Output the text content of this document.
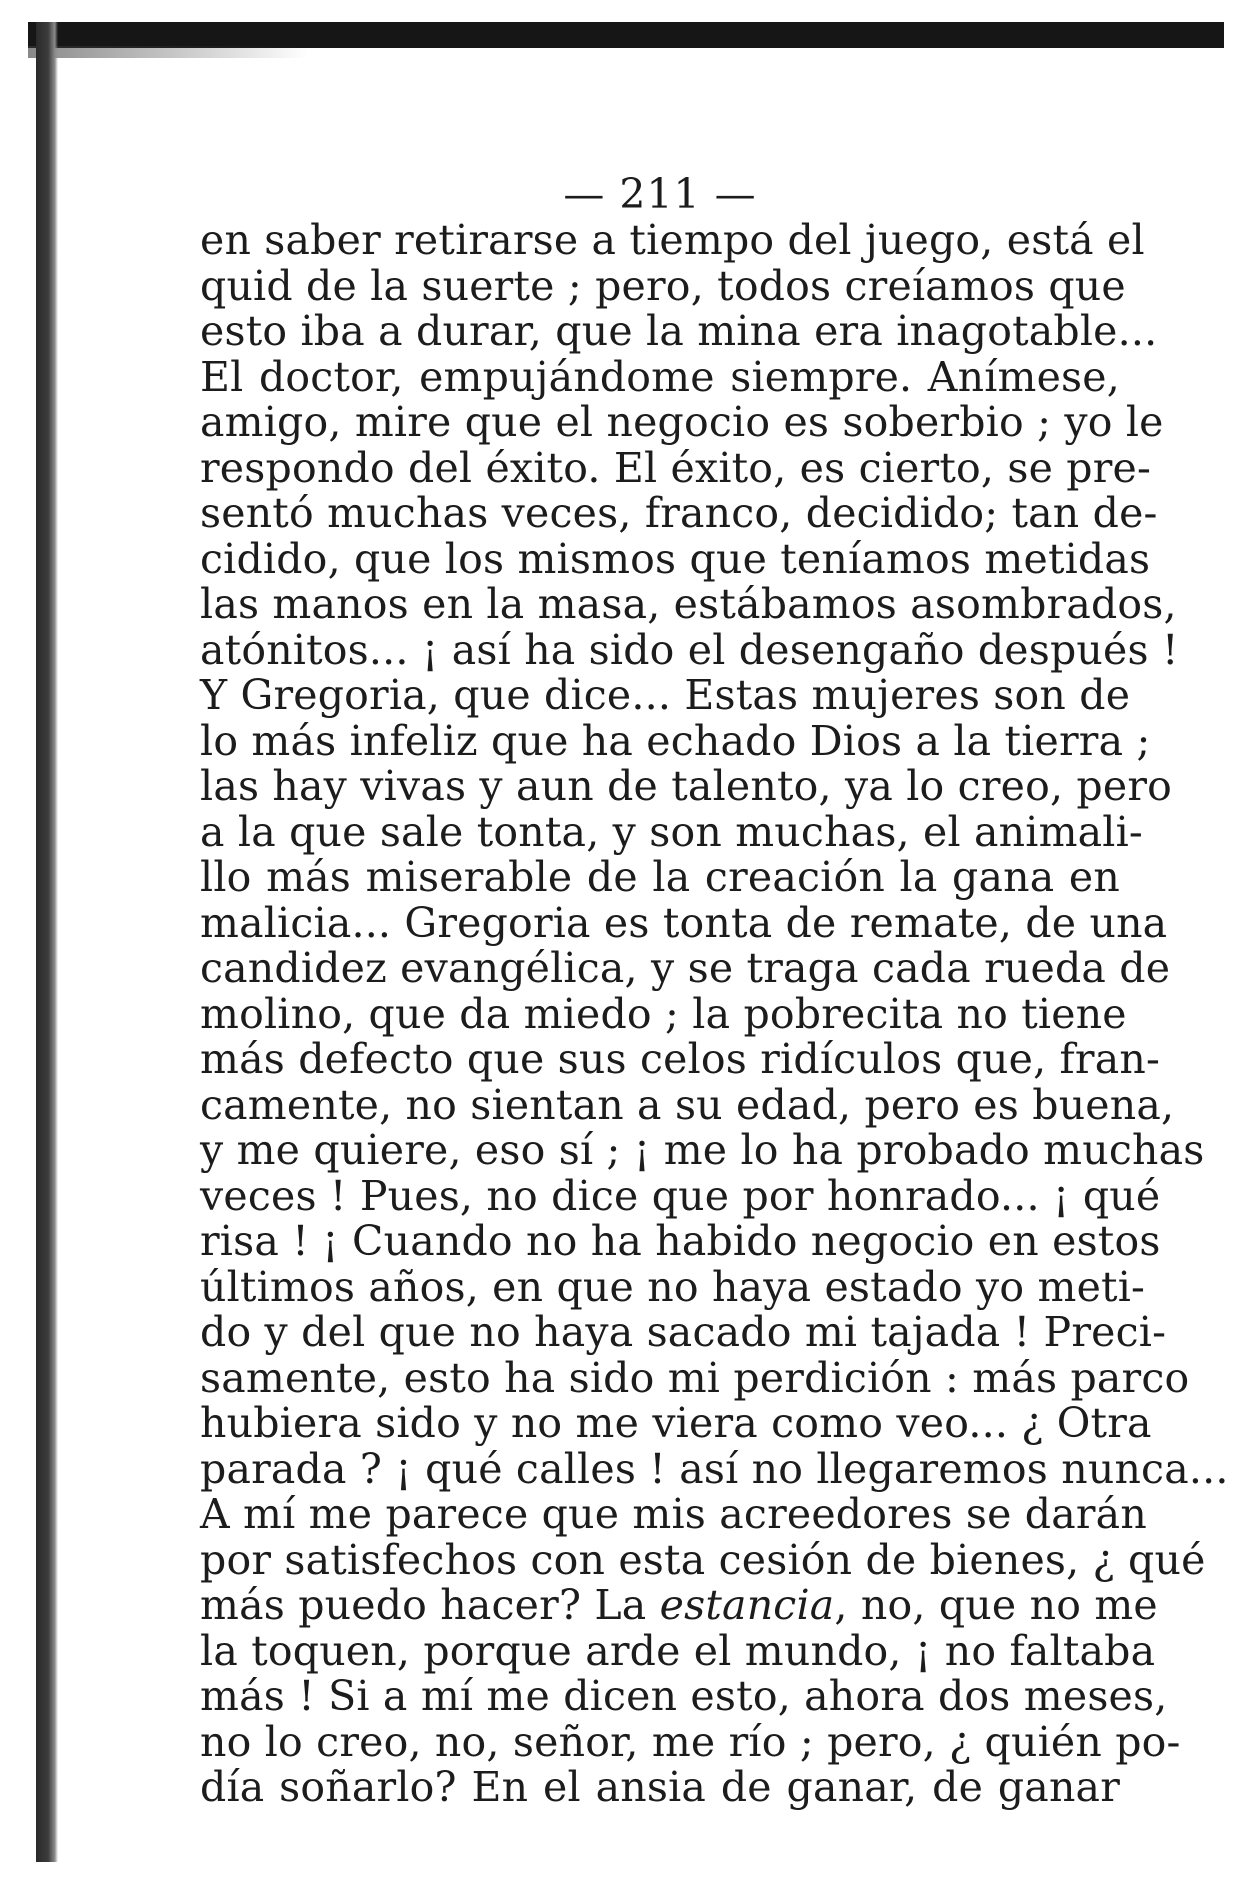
— 211 —
en saber retirarse a tiempo del juego, está el
quid de la suerte ; pero, todos creíamos que
esto iba a durar, que la mina era inagotable...
El doctor, empujándome siempre. Anímese,
amigo, mire que el negocio es soberbio ; yo le
respondo del éxito. El éxito, es cierto, se pre-
sentó muchas veces, franco, decidido; tan de-
cidido, que los mismos que teníamos metidas
las manos en la masa, estábamos asombrados,
atónitos... ¡ así ha sido el desengaño después !
Y Gregoria, que dice... Estas mujeres son de
lo más infeliz que ha echado Dios a la tierra ;
las hay vivas y aun de talento, ya lo creo, pero
a la que sale tonta, y son muchas, el animali-
llo más miserable de la creación la gana en
malicia... Gregoria es tonta de remate, de una
candidez evangélica, y se traga cada rueda de
molino, que da miedo ; la pobrecita no tiene
más defecto que sus celos ridículos que, fran-
camente, no sientan a su edad, pero es buena,
y me quiere, eso sí ; ¡ me lo ha probado muchas
veces ! Pues, no dice que por honrado... ¡ qué
risa ! ¡ Cuando no ha habido negocio en estos
últimos años, en que no haya estado yo meti-
do y del que no haya sacado mi tajada ! Preci-
samente, esto ha sido mi perdición : más parco
hubiera sido y no me viera como veo... ¿ Otra
parada ? ¡ qué calles ! así no llegaremos nunca...
A mí me parece que mis acreedores se darán
por satisfechos con esta cesión de bienes, ¿ qué
más puedo hacer? La estancia, no, que no me
la toquen, porque arde el mundo, ¡ no faltaba
más ! Si a mí me dicen esto, ahora dos meses,
no lo creo, no, señor, me río ; pero, ¿ quién po-
día soñarlo? En el ansia de ganar, de ganar
